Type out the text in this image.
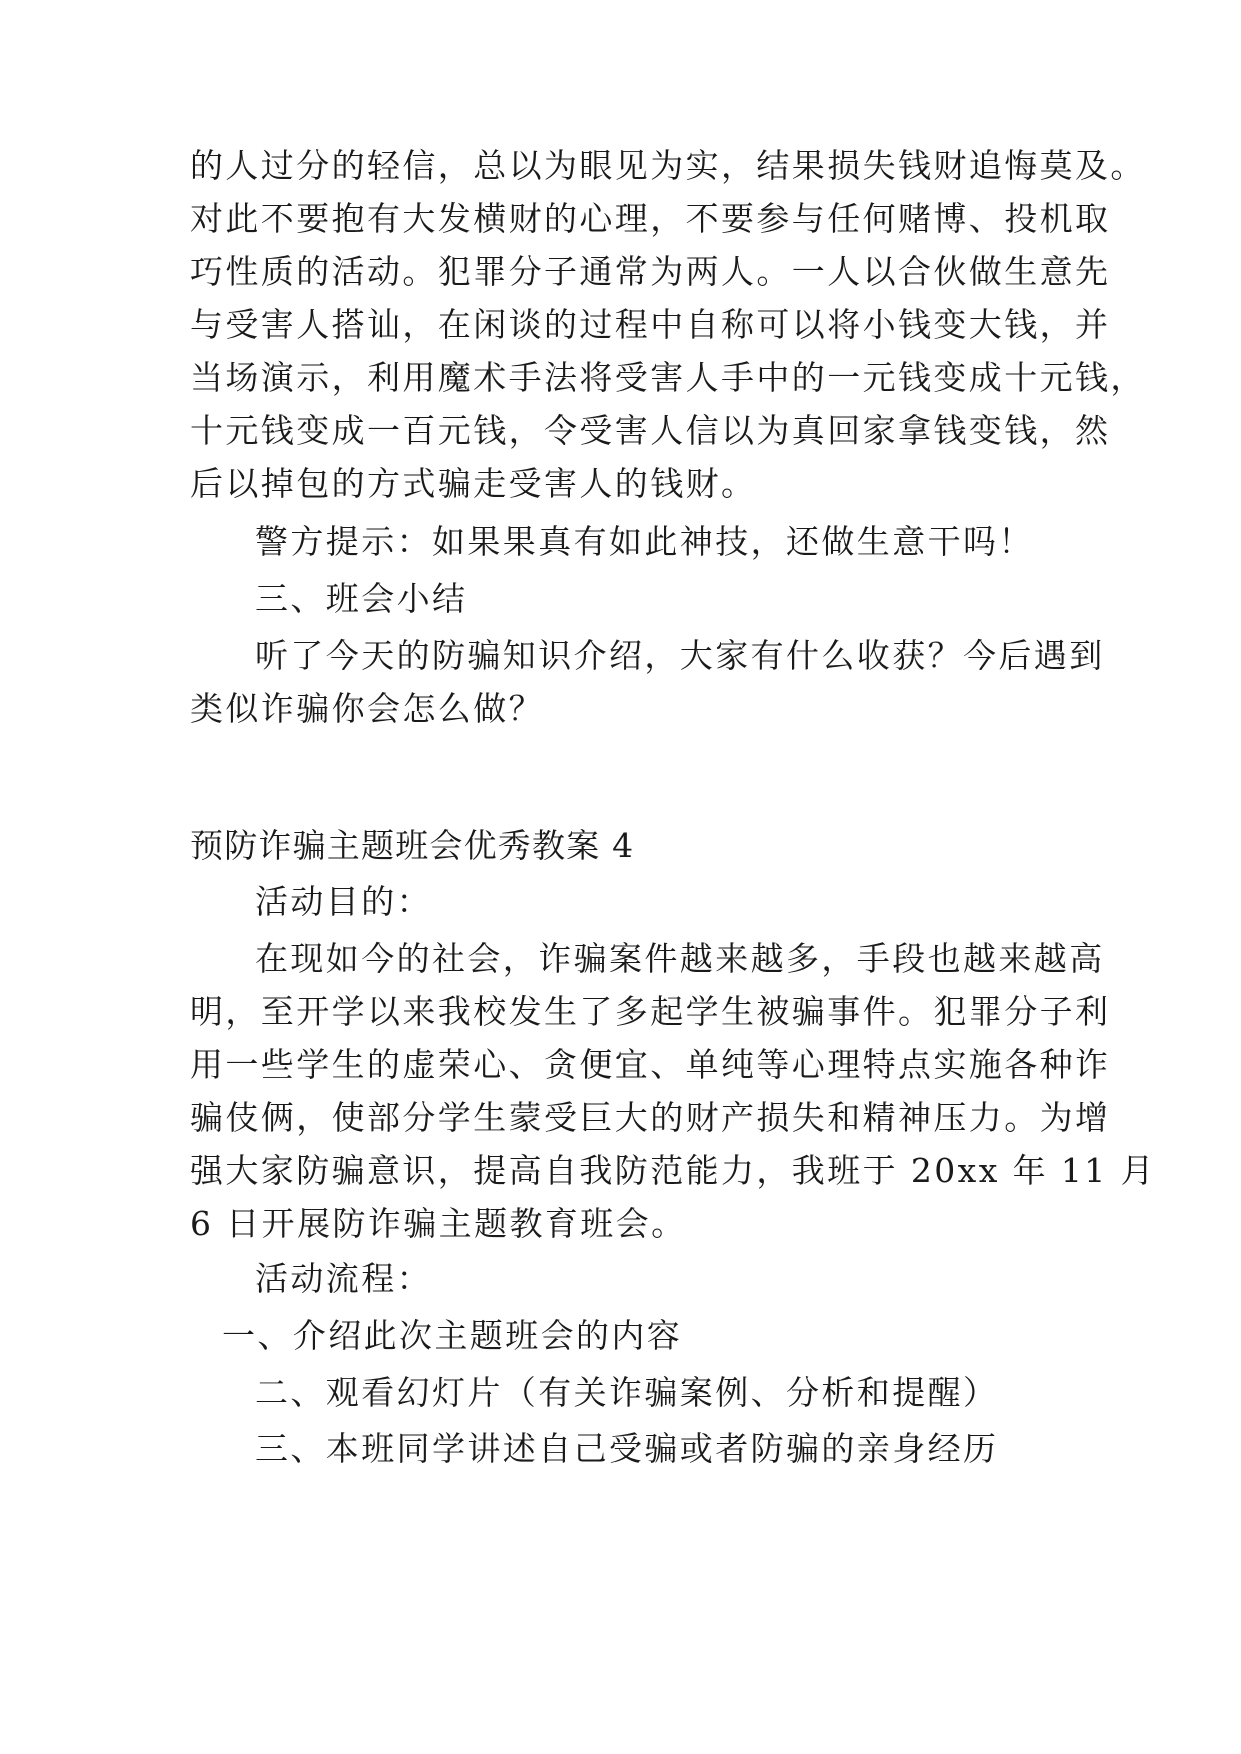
的人过分的轻信，总以为眼见为实，结果损失钱财追悔莫及。
对此不要抱有大发横财的心理，不要参与任何赌博、投机取
巧性质的活动。犯罪分子通常为两人。一人以合伙做生意先
与受害人搭讪，在闲谈的过程中自称可以将小钱变大钱，并
当场演示，利用魔术手法将受害人手中的一元钱变成十元钱，
十元钱变成一百元钱，令受害人信以为真回家拿钱变钱，然
后以掉包的方式骗走受害人的钱财。
警方提示：如果果真有如此神技，还做生意干吗！
三、班会小结
听了今天的防骗知识介绍，大家有什么收获？今后遇到
类似诈骗你会怎么做？
预防诈骗主题班会优秀教案 4
活动目的：
在现如今的社会，诈骗案件越来越多，手段也越来越高
明，至开学以来我校发生了多起学生被骗事件。犯罪分子利
用一些学生的虚荣心、贪便宜、单纯等心理特点实施各种诈
骗伎俩，使部分学生蒙受巨大的财产损失和精神压力。为增
强大家防骗意识，提高自我防范能力，我班于 20xx 年 11 月
6 日开展防诈骗主题教育班会。
活动流程：
一、介绍此次主题班会的内容
二、观看幻灯片（有关诈骗案例、分析和提醒）
三、本班同学讲述自己受骗或者防骗的亲身经历
